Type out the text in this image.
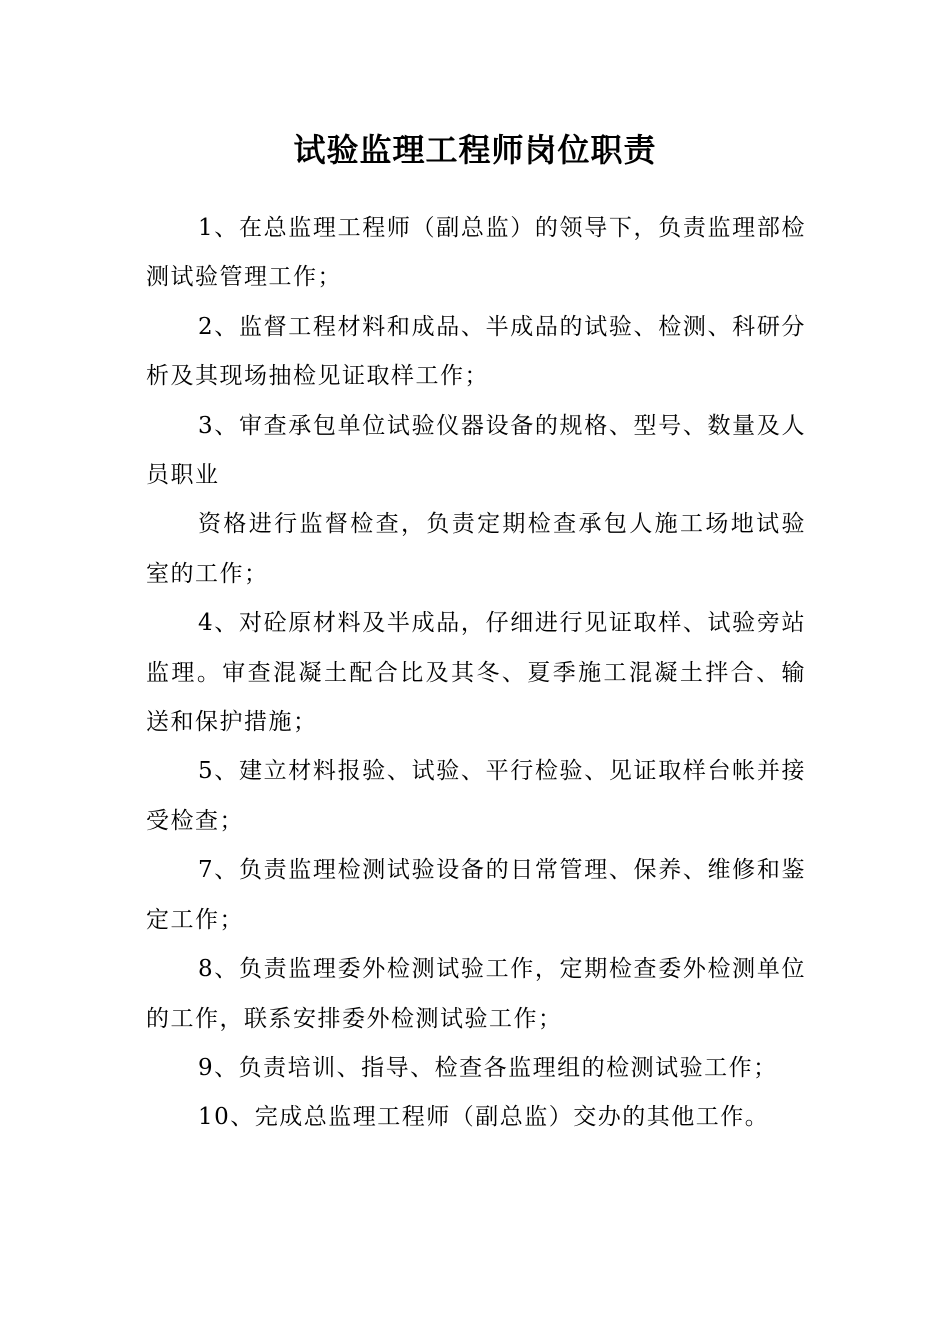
试验监理工程师岗位职责

1、在总监理工程师（副总监）的领导下，负责监理部检测试验管理工作；

2、监督工程材料和成品、半成品的试验、检测、科研分析及其现场抽检见证取样工作；

3、审查承包单位试验仪器设备的规格、型号、数量及人员职业

资格进行监督检查，负责定期检查承包人施工场地试验室的工作；

4、对砼原材料及半成品，仔细进行见证取样、试验旁站监理。审查混凝土配合比及其冬、夏季施工混凝土拌合、输送和保护措施；

5、建立材料报验、试验、平行检验、见证取样台帐并接受检查；

7、负责监理检测试验设备的日常管理、保养、维修和鉴定工作；

8、负责监理委外检测试验工作，定期检查委外检测单位的工作，联系安排委外检测试验工作；

9、负责培训、指导、检查各监理组的检测试验工作；

10、完成总监理工程师（副总监）交办的其他工作。
